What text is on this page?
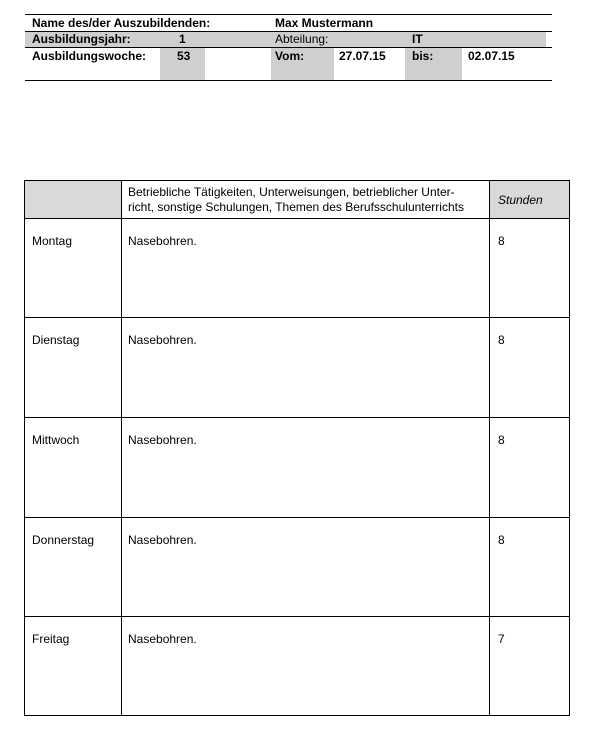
Name des/der Auszubildenden:	Max Mustermann
Ausbildungsjahr:	1	Abteilung:	IT
Ausbildungswoche:	53	Vom:	27.07.15 bis:	02.07.15
Betriebliche Tätigkeiten, Unterweisungen, betrieblicher Unter-
richt, sonstige Schulungen, Themen des Berufsschulunterrichts	Stunden
Montag	Nasebohren.	8
Dienstag	Nasebohren.	8
Mittwoch	Nasebohren.	8
Donnerstag	Nasebohren.	8
Freitag	Nasebohren.	7
